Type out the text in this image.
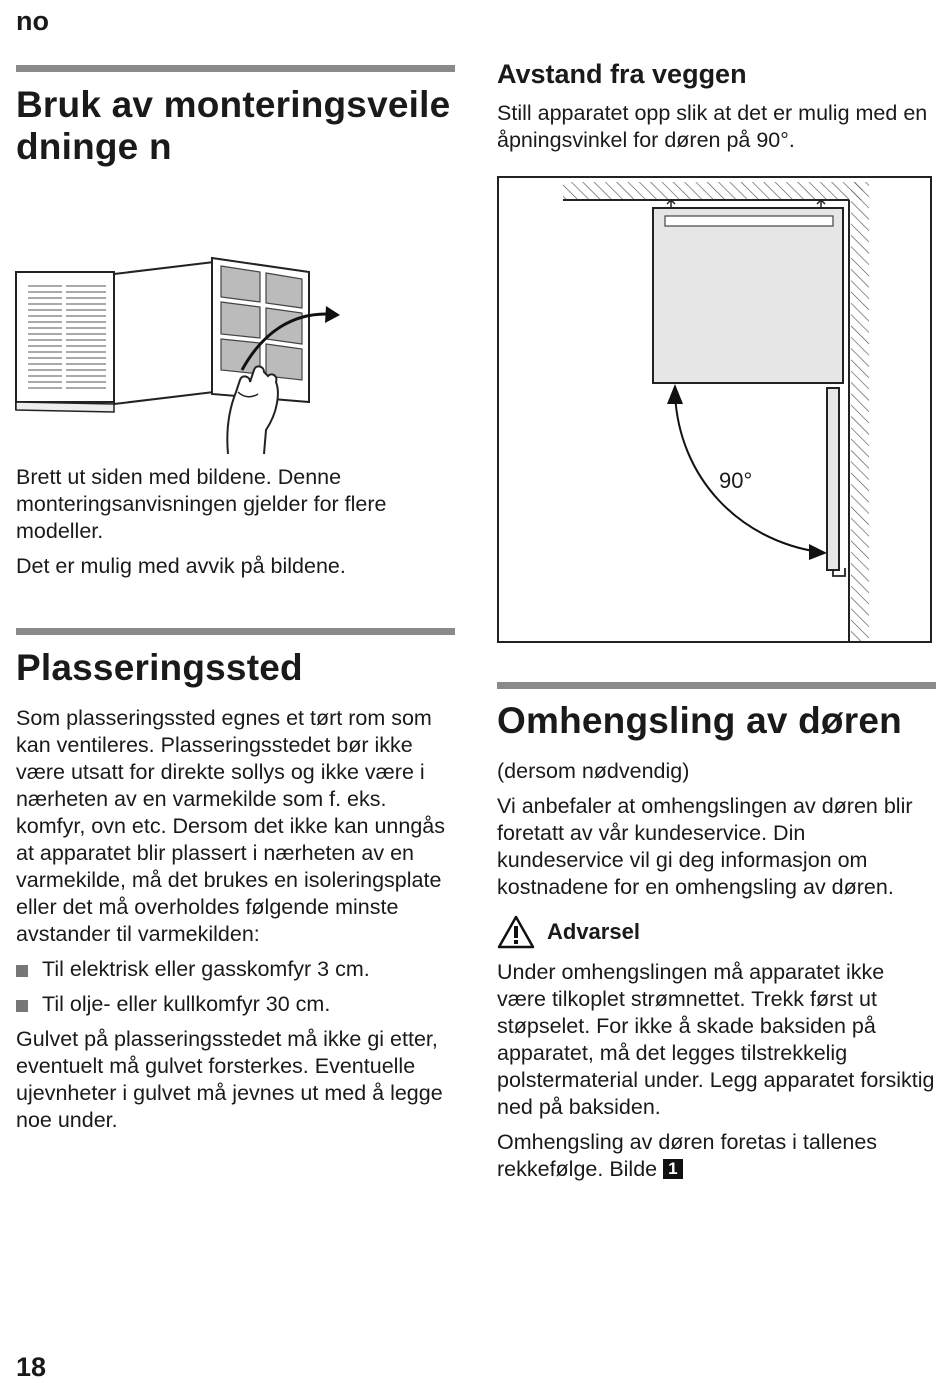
no
Bruk av monteringsveiledninge n

Brett ut siden med bildene. Denne monteringsanvisningen gjelder for flere modeller.

Det er mulig med avvik på bildene.

Plasseringssted

Som plasseringssted egnes et tørt rom som kan ventileres. Plasseringsstedet bør ikke være utsatt for direkte sollys og ikke være i nærheten av en varmekilde som f. eks. komfyr, ovn etc. Dersom det ikke kan unngås at apparatet blir plassert i nærheten av en varmekilde, må det brukes en isoleringsplate eller det må overholdes følgende minste avstander til varmekilden:

Til elektrisk eller gasskomfyr 3 cm.
Til olje- eller kullkomfyr 30 cm.

Gulvet på plasseringsstedet må ikke gi etter, eventuelt må gulvet forsterkes. Eventuelle ujevnheter i gulvet må jevnes ut med å legge noe under.

Avstand fra veggen

Still apparatet opp slik at det er mulig med en åpningsvinkel for døren på 90°.

90°
Omhengsling av døren

(dersom nødvendig)

Vi anbefaler at omhengslingen av døren blir foretatt av vår kundeservice. Din kundeservice vil gi deg informasjon om kostnadene for en omhengsling av døren.

Advarsel

Under omhengslingen må apparatet ikke være tilkoplet strømnettet. Trekk først ut støpselet. For ikke å skade baksiden på apparatet, må det legges tilstrekkelig polstermaterial under. Legg apparatet forsiktig ned på baksiden.

Omhengsling av døren foretas i tallenes rekkefølge. Bilde 1

18
